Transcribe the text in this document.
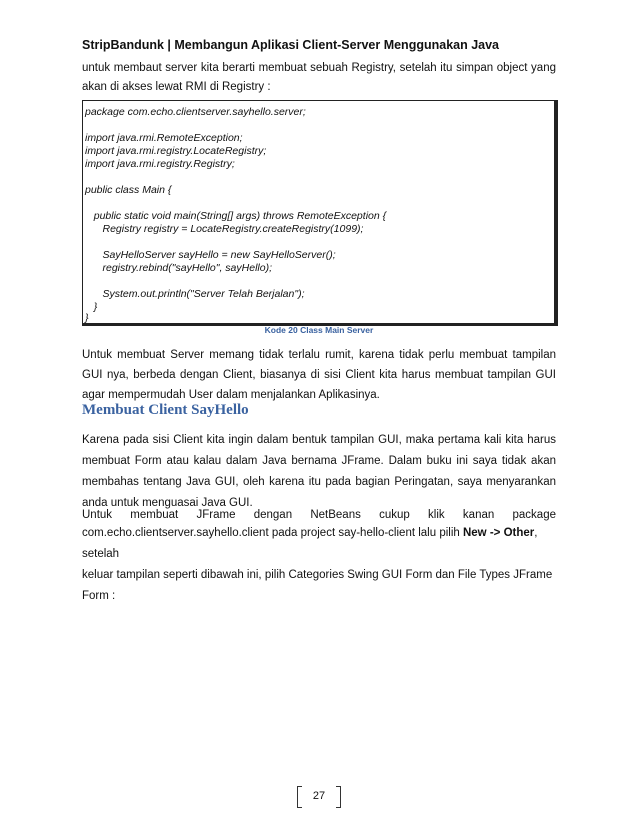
StripBandunk | Membangun Aplikasi Client-Server Menggunakan Java

untuk membaut server kita berarti membuat sebuah Registry, setelah itu simpan object yang akan di akses lewat RMI di Registry :

package com.echo.clientserver.sayhello.server;
import java.rmi.RemoteException;
import java.rmi.registry.LocateRegistry;
import java.rmi.registry.Registry;
public class Main {
public static void main(String[] args) throws RemoteException {
Registry registry = LocateRegistry.createRegistry(1099);
SayHelloServer sayHello = new SayHelloServer();
registry.rebind("sayHello", sayHello);
System.out.println("Server Telah Berjalan");
}
}
Kode 20 Class Main Server

Untuk membuat Server memang tidak terlalu rumit, karena tidak perlu membuat tampilan GUI nya, berbeda dengan Client, biasanya di sisi Client kita harus membuat tampilan GUI agar mempermudah User dalam menjalankan Aplikasinya.

Membuat Client SayHello

Karena pada sisi Client kita ingin dalam bentuk tampilan GUI, maka pertama kali kita harus membuat Form atau kalau dalam Java bernama JFrame. Dalam buku ini saya tidak akan membahas tentang Java GUI, oleh karena itu pada bagian Peringatan, saya menyarankan anda untuk menguasai Java GUI.

Untuk membuat JFrame dengan NetBeans cukup klik kanan package

com.echo.clientserver.sayhello.client pada project say-hello-client lalu pilih New -> Other, setelah
keluar tampilan seperti dibawah ini, pilih Categories Swing GUI Form dan File Types JFrame Form :

27
